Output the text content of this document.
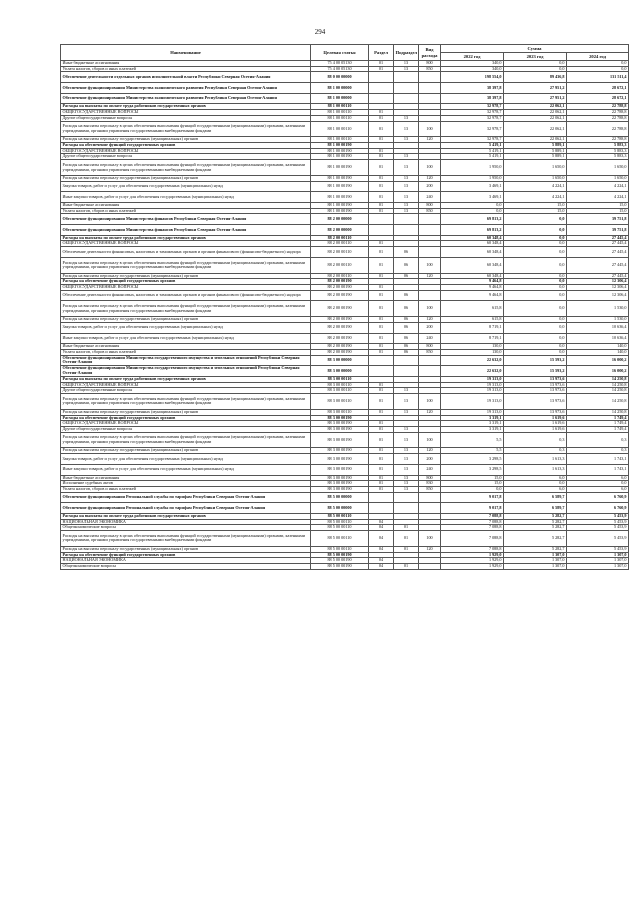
294
Наименование	Целевая статья	Раздел	Подраздел	Вид расхода	Сумма		
					2022 год	2023 год	2024 год
Иные бюджетные ассигнования	75 4 00 05130	01	13	800	340,0	0,0	0,0
Уплата налогов, сборов и иных платежей	75 4 00 05130	01	13	850	340,0	0,0	0,0
Обеспечение деятельности отдельных органов исполнительной власти Республики Северная Осетия-Алания	88 0 00 00000				198 554,0	89 436,8	131 511,4
Обеспечение функционирования Министерства экономического развития Республики Северная Осетия-Алания	88 1 00 00000				38 397,8	27 951,2	28 672,1
Обеспечение функционирования Министерства экономического развития Республики Северная Осетия-Алания	88 1 00 00000				38 397,8	27 951,2	28 672,1
Расходы на выплаты по оплате труда работников государственных органов	88 1 00 00110				32 978,7	22 062,1	22 788,8
ОБЩЕГОСУДАРСТВЕННЫЕ ВОПРОСЫ	88 1 00 00110	01			32 978,7	22 062,1	22 788,8
Другие общегосударственные вопросы	88 1 00 00110	01	13		32 978,7	22 062,1	22 788,8
Расходы на выплаты персоналу в целях обеспечения выполнения функций государственными (муниципальными) органами, казенными учреждениями, органами управления государственными внебюджетными фондами	88 1 00 00110	01	13	100	32 978,7	22 062,1	22 788,8
Расходы на выплаты персоналу государственных (муниципальных) органов	88 1 00 00110	01	13	120	32 978,7	22 062,1	22 788,8
Расходы на обеспечение функций государственных органов	88 1 00 00190				5 419,1	5 889,1	5 883,3
ОБЩЕГОСУДАРСТВЕННЫЕ ВОПРОСЫ	88 1 00 00190	01			5 419,1	5 889,1	5 883,3
Другие общегосударственные вопросы	88 1 00 00190	01	13		5 419,1	5 889,1	5 883,3
Расходы на выплаты персоналу в целях обеспечения выполнения функций государственными (муниципальными) органами, казенными учреждениями, органами управления государственными внебюджетными фондами	88 1 00 00190	01	13	100	1 950,0	1 650,0	1 650,0
Расходы на выплаты персоналу государственных (муниципальных) органов	88 1 00 00190	01	13	120	1 950,0	1 650,0	1 650,0
Закупка товаров, работ и услуг для обеспечения государственных (муниципальных) нужд	88 1 00 00190	01	13	200	3 469,1	4 224,1	4 224,1
Иные закупки товаров, работ и услуг для обеспечения государственных (муниципальных) нужд	88 1 00 00190	01	13	240	3 469,1	4 224,1	4 224,1
Иные бюджетные ассигнования	88 1 00 00190	01	13	800	0,0	15,0	15,0
Уплата налогов, сборов и иных платежей	88 1 00 00190	01	13	850	0,0	15,0	15,0
Обеспечение функционирования Министерства финансов Республики Северная Осетия-Алания	88 2 00 00000				69 813,2	0,0	39 751,8
Обеспечение функционирования Министерства финансов Республики Северная Осетия-Алания	88 2 00 00000				69 813,2	0,0	39 751,8
Расходы на выплаты по оплате труда работников государственных органов	88 2 00 00110				60 348,4	0,0	27 445,4
ОБЩЕГОСУДАРСТВЕННЫЕ ВОПРОСЫ	88 2 00 00110	01			60 348,4	0,0	27 445,4
Обеспечение деятельности финансовых, налоговых и таможенных органов и органов финансового (финансово-бюджетного) надзора	88 2 00 00110	01	06		60 348,4	0,0	27 445,4
Расходы на выплаты персоналу в целях обеспечения выполнения функций государственными (муниципальными) органами, казенными учреждениями, органами управления государственными внебюджетными фондами	88 2 00 00110	01	06	100	60 348,4	0,0	27 445,4
Расходы на выплаты персоналу государственных (муниципальных) органов	88 2 00 00110	01	06	120	60 348,4	0,0	27 445,4
Расходы на обеспечение функций государственных органов	88 2 00 00190				9 464,8	0,0	12 306,4
ОБЩЕГОСУДАРСТВЕННЫЕ ВОПРОСЫ	88 2 00 00190	01			9 464,8	0,0	12 306,4
Обеспечение деятельности финансовых, налоговых и таможенных органов и органов финансового (финансово-бюджетного) надзора	88 2 00 00190	01	06		9 464,8	0,0	12 306,4
Расходы на выплаты персоналу в целях обеспечения выполнения функций государственными (муниципальными) органами, казенными учреждениями, органами управления государственными внебюджетными фондами	88 2 00 00190	01	06	100	615,8	0,0	1 530,0
Расходы на выплаты персоналу государственных (муниципальных) органов	88 2 00 00190	01	06	120	615,8	0,0	1 530,0
Закупка товаров, работ и услуг для обеспечения государственных (муниципальных) нужд	88 2 00 00190	01	06	200	8 719,1	0,0	10 636,4
Иные закупки товаров, работ и услуг для обеспечения государственных (муниципальных) нужд	88 2 00 00190	01	06	240	8 719,1	0,0	10 636,4
Иные бюджетные ассигнования	88 2 00 00190	01	06	800	130,0	0,0	140,0
Уплата налогов, сборов и иных платежей	88 2 00 00190	01	06	850	130,0	0,0	140,0
Обеспечение функционирования Министерства государственного имущества и земельных отношений Республики Северная Осетия-Алания	88 3 00 00000				22 632,0	15 593,2	16 000,2
Обеспечение функционирования Министерства государственного имущества и земельных отношений Республики Северная Осетия-Алания	88 3 00 00000				22 632,0	15 593,2	16 000,2
Расходы на выплаты по оплате труда работников государственных органов	88 3 00 00110				19 313,0	13 973,6	14 250,8
ОБЩЕГОСУДАРСТВЕННЫЕ ВОПРОСЫ	88 3 00 00110	01			19 313,0	13 973,6	14 250,8
Другие общегосударственные вопросы	88 3 00 00110	01	13		19 313,0	13 973,6	14 250,8
Расходы на выплаты персоналу в целях обеспечения выполнения функций государственными (муниципальными) органами, казенными учреждениями, органами управления государственными внебюджетными фондами	88 3 00 00110	01	13	100	19 313,0	13 973,6	14 250,8
Расходы на выплаты персоналу государственных (муниципальных) органов	88 3 00 00110	01	13	120	19 313,0	13 973,6	14 250,8
Расходы на обеспечение функций государственных органов	88 3 00 00190				3 319,1	1 619,6	1 749,4
ОБЩЕГОСУДАРСТВЕННЫЕ ВОПРОСЫ	88 3 00 00190	01			3 319,1	1 619,6	1 749,4
Другие общегосударственные вопросы	88 3 00 00190	01	13		3 319,1	1 619,6	1 749,4
Расходы на выплаты персоналу в целях обеспечения выполнения функций государственными (муниципальными) органами, казенными учреждениями, органами управления государственными внебюджетными фондами	88 3 00 00190	01	13	100	5,5	0,3	0,3
Расходы на выплаты персоналу государственных (муниципальных) органов	88 3 00 00190	01	13	120	5,5	0,3	0,3
Закупка товаров, работ и услуг для обеспечения государственных (муниципальных) нужд	88 3 00 00190	01	13	200	3 298,5	1 613,3	1 743,1
Иные закупки товаров, работ и услуг для обеспечения государственных (муниципальных) нужд	88 3 00 00190	01	13	240	3 298,5	1 613,3	1 743,1
Иные бюджетные ассигнования	88 3 00 00190	01	13	800	15,0	6,0	6,0
Исполнение судебных актов	88 3 00 00190	01	13	830	15,0	0,0	0,0
Уплата налогов, сборов и иных платежей	88 3 00 00190	01	13	850	0,0	6,0	6,0
Обеспечение функционирования Региональной службы по тарифам Республики Северная Осетия-Алания	88 5 00 00000				9 017,8	6 589,7	6 760,9
Обеспечение функционирования Региональной службы по тарифам Республики Северная Осетия-Алания	88 5 00 00000				9 017,8	6 589,7	6 760,9
Расходы на выплаты по оплате труда работников государственных органов	88 5 00 00110				7 088,8	5 282,7	5 453,9
НАЦИОНАЛЬНАЯ ЭКОНОМИКА	88 5 00 00110	04			7 088,8	5 282,7	5 453,9
Общеэкономические вопросы	88 5 00 00110	04	01		7 088,8	5 282,7	5 453,9
Расходы на выплаты персоналу в целях обеспечения выполнения функций государственными (муниципальными) органами, казенными учреждениями, органами управления государственными внебюджетными фондами	88 5 00 00110	04	01	100	7 088,8	5 282,7	5 453,9
Расходы на выплаты персоналу государственных (муниципальных) органов	88 5 00 00110	04	01	120	7 088,8	5 282,7	5 453,9
Расходы на обеспечение функций государственных органов	88 5 00 00190				1 929,0	1 307,0	1 307,0
НАЦИОНАЛЬНАЯ ЭКОНОМИКА	88 5 00 00190	04			1 929,0	1 307,0	1 307,0
Общеэкономические вопросы	88 5 00 00190	04	01		1 929,0	1 307,0	1 307,0
